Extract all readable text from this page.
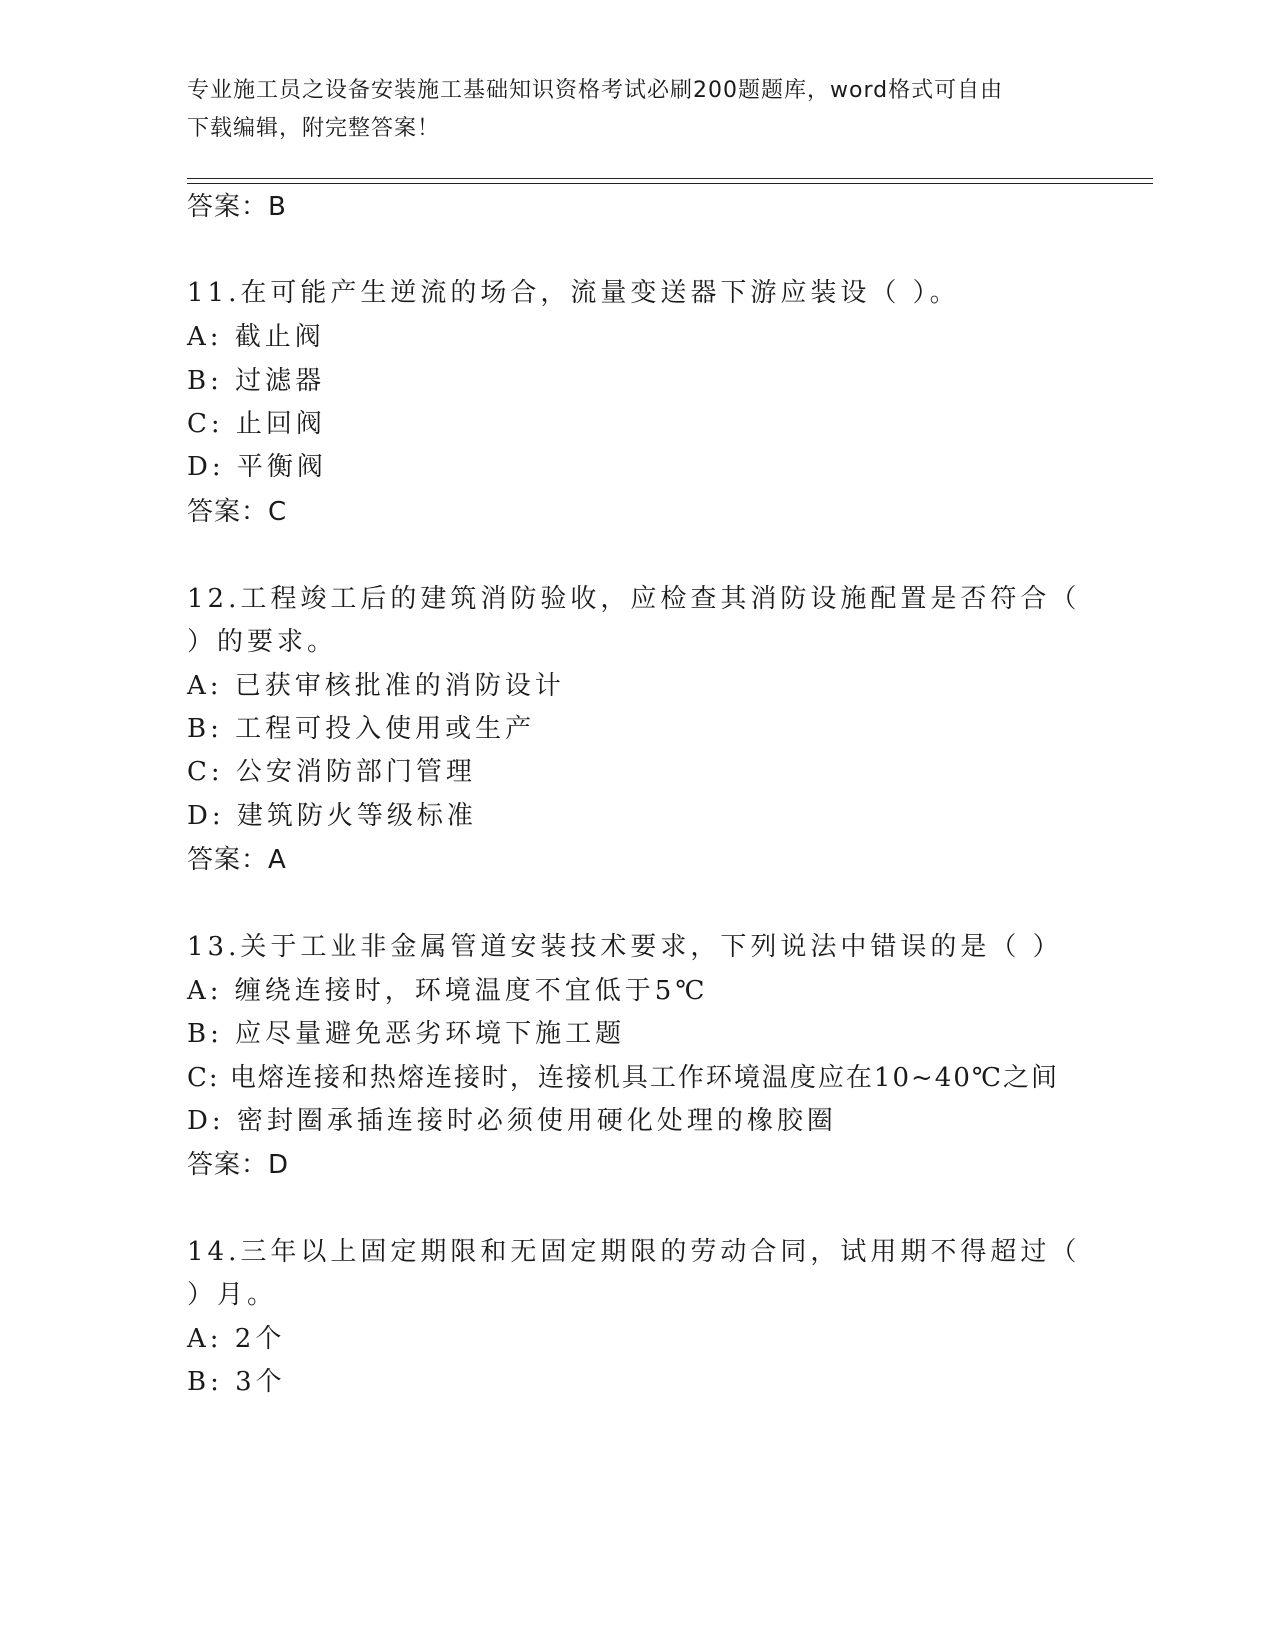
专业施工员之设备安装施工基础知识资格考试必刷200题题库，word格式可自由
下载编辑，附完整答案！
答案：B
11.在可能产生逆流的场合，流量变送器下游应装设（ ）。
A: 截止阀
B: 过滤器
C: 止回阀
D: 平衡阀
答案：C
12.工程竣工后的建筑消防验收，应检查其消防设施配置是否符合（
）的要求。
A: 已获审核批准的消防设计
B: 工程可投入使用或生产
C: 公安消防部门管理
D: 建筑防火等级标准
答案：A
13.关于工业非金属管道安装技术要求，下列说法中错误的是（ ）
A: 缠绕连接时，环境温度不宜低于5℃
B: 应尽量避免恶劣环境下施工题
C: 电熔连接和热熔连接时，连接机具工作环境温度应在10~40℃之间
D: 密封圈承插连接时必须使用硬化处理的橡胶圈
答案：D
14.三年以上固定期限和无固定期限的劳动合同，试用期不得超过（
）月。
A: 2个
B: 3个
